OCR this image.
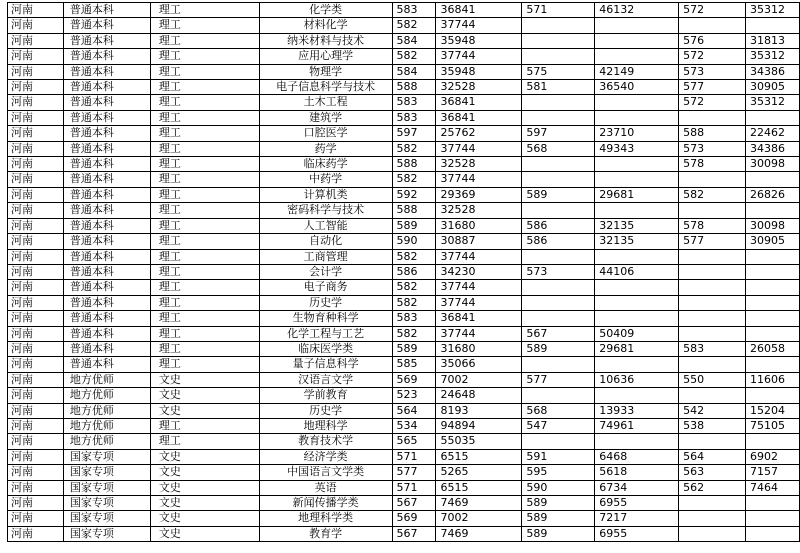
河南	普通本科	理工	化学类	583	36841	571	46132	572	35312
河南	普通本科	理工	材料化学	582	37744				
河南	普通本科	理工	纳米材料与技术	584	35948			576	31813
河南	普通本科	理工	应用心理学	582	37744			572	35312
河南	普通本科	理工	物理学	584	35948	575	42149	573	34386
河南	普通本科	理工	电子信息科学与技术	588	32528	581	36540	577	30905
河南	普通本科	理工	土木工程	583	36841			572	35312
河南	普通本科	理工	建筑学	583	36841				
河南	普通本科	理工	口腔医学	597	25762	597	23710	588	22462
河南	普通本科	理工	药学	582	37744	568	49343	573	34386
河南	普通本科	理工	临床药学	588	32528			578	30098
河南	普通本科	理工	中药学	582	37744				
河南	普通本科	理工	计算机类	592	29369	589	29681	582	26826
河南	普通本科	理工	密码科学与技术	588	32528				
河南	普通本科	理工	人工智能	589	31680	586	32135	578	30098
河南	普通本科	理工	自动化	590	30887	586	32135	577	30905
河南	普通本科	理工	工商管理	582	37744				
河南	普通本科	理工	会计学	586	34230	573	44106		
河南	普通本科	理工	电子商务	582	37744				
河南	普通本科	理工	历史学	582	37744				
河南	普通本科	理工	生物育种科学	583	36841				
河南	普通本科	理工	化学工程与工艺	582	37744	567	50409		
河南	普通本科	理工	临床医学类	589	31680	589	29681	583	26058
河南	普通本科	理工	量子信息科学	585	35066				
河南	地方优师	文史	汉语言文学	569	7002	577	10636	550	11606
河南	地方优师	文史	学前教育	523	24648				
河南	地方优师	文史	历史学	564	8193	568	13933	542	15204
河南	地方优师	理工	地理科学	534	94894	547	74961	538	75105
河南	地方优师	理工	教育技术学	565	55035				
河南	国家专项	文史	经济学类	571	6515	591	6468	564	6902
河南	国家专项	文史	中国语言文学类	577	5265	595	5618	563	7157
河南	国家专项	文史	英语	571	6515	590	6734	562	7464
河南	国家专项	文史	新闻传播学类	567	7469	589	6955		
河南	国家专项	文史	地理科学类	569	7002	589	7217		
河南	国家专项	文史	教育学	567	7469	589	6955		
